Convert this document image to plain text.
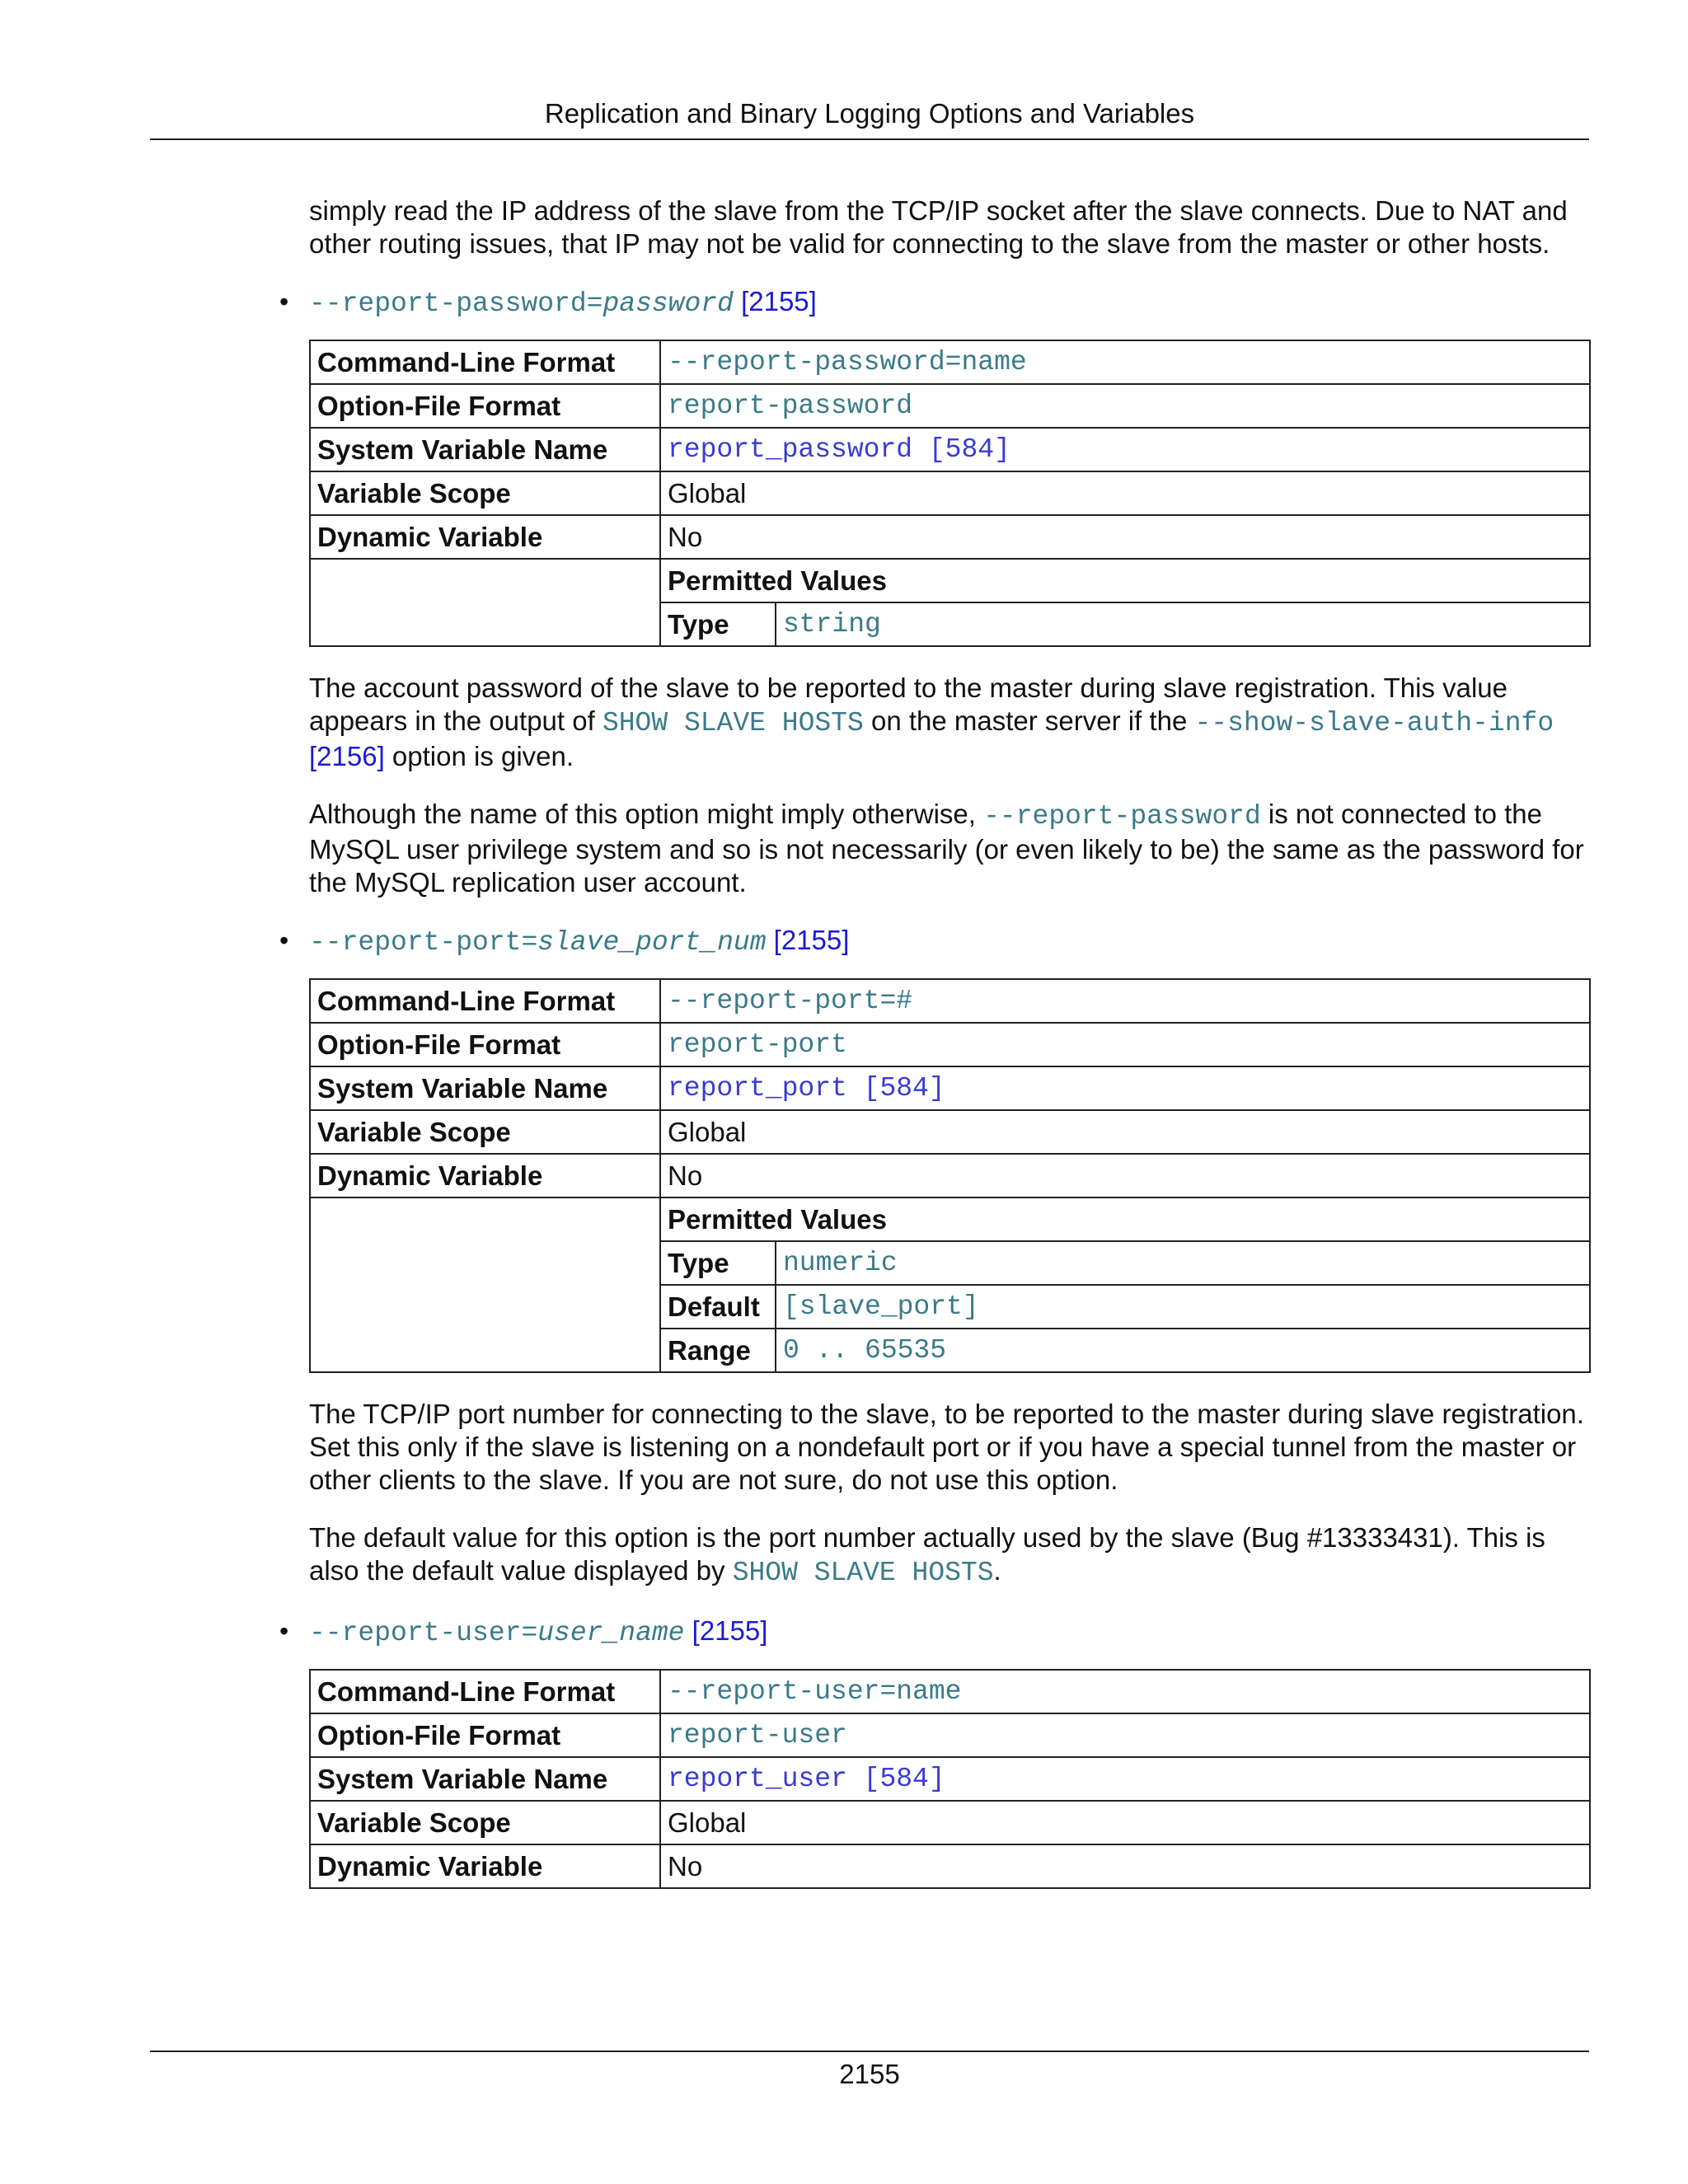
Replication and Binary Logging Options and Variables

simply read the IP address of the slave from the TCP/IP socket after the slave connects. Due to NAT and other routing issues, that IP may not be valid for connecting to the slave from the master or other hosts.

• --report-password=password [2155]
Command-Line Format	--report-password=name
Option-File Format	report-password
System Variable Name	report_password [584]
Variable Scope	Global
Dynamic Variable	No

Permitted Values
Type	string

The account password of the slave to be reported to the master during slave registration. This value appears in the output of SHOW SLAVE HOSTS on the master server if the --show-slave-auth-info [2156] option is given.

Although the name of this option might imply otherwise, --report-password is not connected to the MySQL user privilege system and so is not necessarily (or even likely to be) the same as the password for the MySQL replication user account.

• --report-port=slave_port_num [2155]
Command-Line Format	--report-port=#
Option-File Format	report-port
System Variable Name	report_port [584]
Variable Scope	Global
Dynamic Variable	No

Permitted Values
Type	numeric
Default	[slave_port]
Range	0 .. 65535

The TCP/IP port number for connecting to the slave, to be reported to the master during slave registration. Set this only if the slave is listening on a nondefault port or if you have a special tunnel from the master or other clients to the slave. If you are not sure, do not use this option.

The default value for this option is the port number actually used by the slave (Bug #13333431). This is also the default value displayed by SHOW SLAVE HOSTS.

• --report-user=user_name [2155]
Command-Line Format	--report-user=name
Option-File Format	report-user
System Variable Name	report_user [584]
Variable Scope	Global
Dynamic Variable	No
2155
